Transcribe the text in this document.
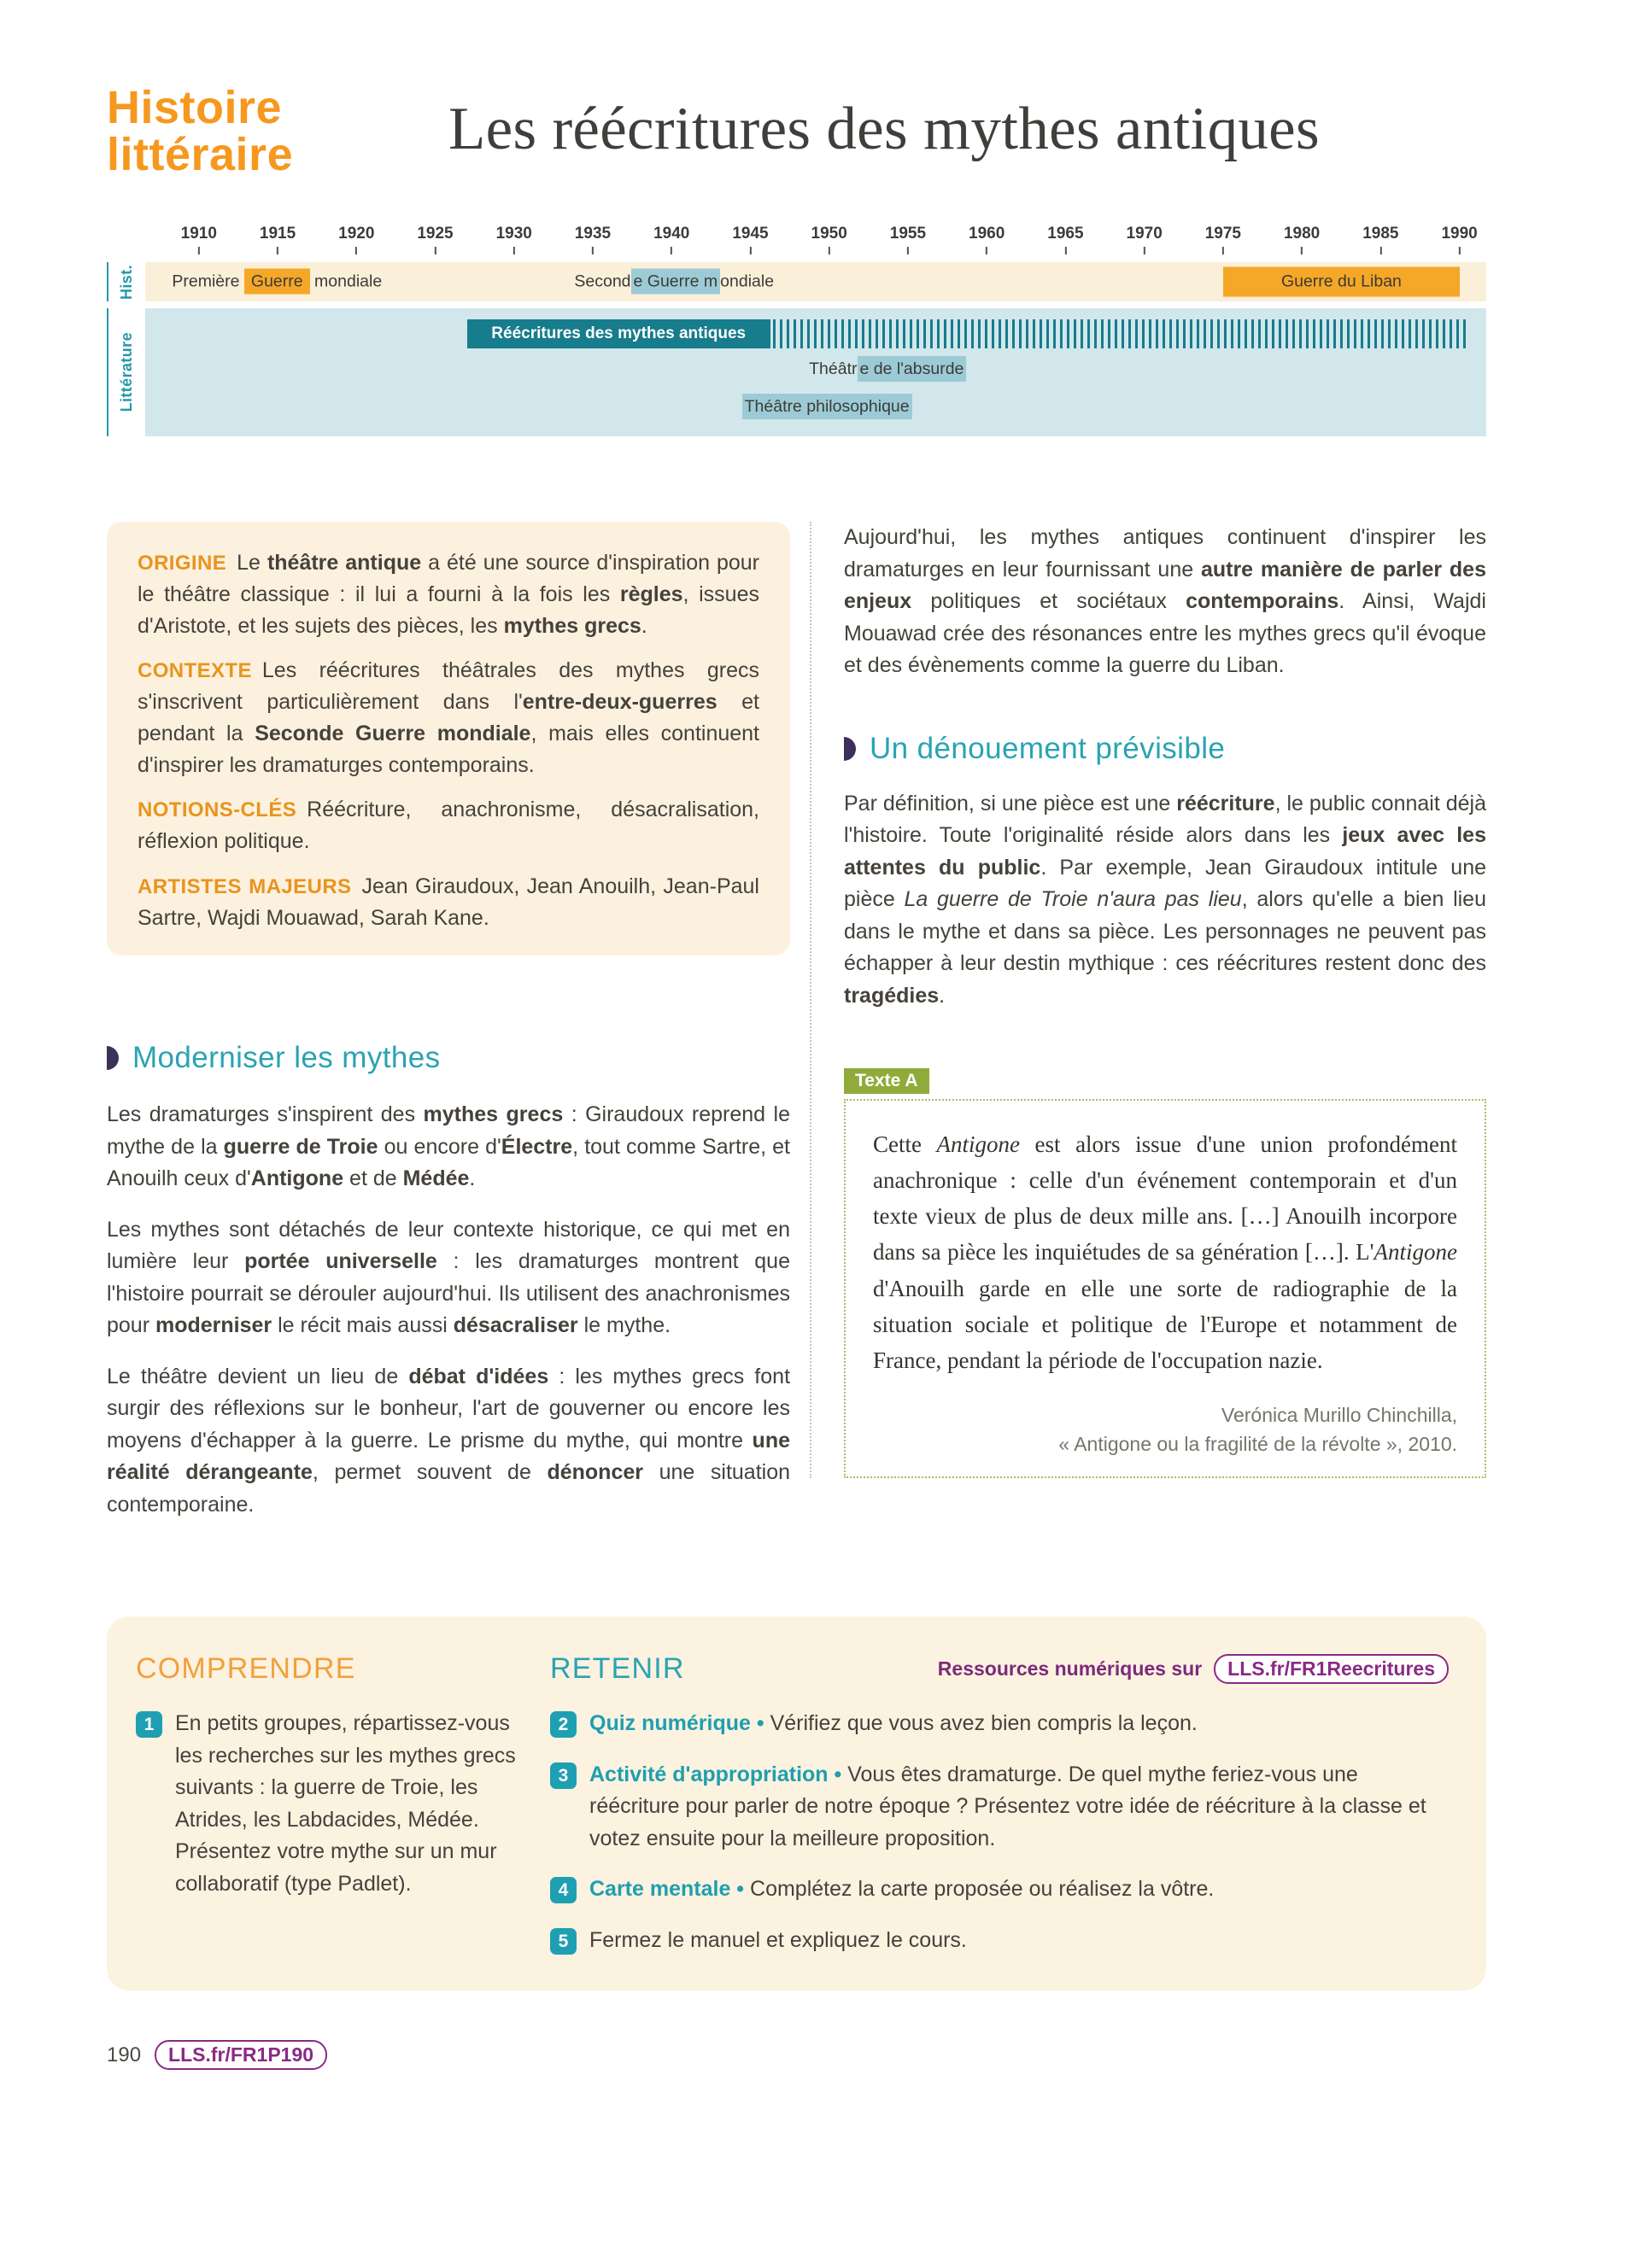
Histoire
littéraire	Les réécritures des mythes antiques
Hist.
Littérature
1910	1915	1920	1925	1930	1935	1940	1945	1950	1955	1960	1965	1970	1975	1980	1985	1990
Première Guerre mondiale	Second e Guerre m ondiale	Guerre du Liban
Réécritures des mythes antiques
Théâtr e de l'absurde
Théâtre philosophique

ORIGINE Le théâtre antique a été une source d'inspiration pour le théâtre classique : il lui a fourni à la fois les règles, issues d'Aristote, et les sujets des pièces, les mythes grecs.

CONTEXTE Les réécritures théâtrales des mythes grecs s'inscrivent particulièrement dans l'entre-deux-guerres et pendant la Seconde Guerre mondiale, mais elles continuent d'inspirer les dramaturges contemporains.

NOTIONS-CLÉS Réécriture, anachronisme, désacralisation, réflexion politique.

ARTISTES MAJEURS Jean Giraudoux, Jean Anouilh, Jean-Paul Sartre, Wajdi Mouawad, Sarah Kane.

Moderniser les mythes

Les dramaturges s'inspirent des mythes grecs : Giraudoux reprend le mythe de la guerre de Troie ou encore d'Électre, tout comme Sartre, et Anouilh ceux d'Antigone et de Médée.

Les mythes sont détachés de leur contexte historique, ce qui met en lumière leur portée universelle : les dramaturges montrent que l'histoire pourrait se dérouler aujourd'hui. Ils utilisent des anachronismes pour moderniser le récit mais aussi désacraliser le mythe.

Le théâtre devient un lieu de débat d'idées : les mythes grecs font surgir des réflexions sur le bonheur, l'art de gouverner ou encore les moyens d'échapper à la guerre. Le prisme du mythe, qui montre une réalité dérangeante, permet souvent de dénoncer une situation contemporaine.

Aujourd'hui, les mythes antiques continuent d'inspirer les dramaturges en leur fournissant une autre manière de parler des enjeux politiques et sociétaux contemporains. Ainsi, Wajdi Mouawad crée des résonances entre les mythes grecs qu'il évoque et des évènements comme la guerre du Liban.

Un dénouement prévisible

Par définition, si une pièce est une réécriture, le public connait déjà l'histoire. Toute l'originalité réside alors dans les jeux avec les attentes du public. Par exemple, Jean Giraudoux intitule une pièce La guerre de Troie n'aura pas lieu, alors qu'elle a bien lieu dans le mythe et dans sa pièce. Les personnages ne peuvent pas échapper à leur destin mythique : ces réécritures restent donc des tragédies.

Texte A
Cette Antigone est alors issue d'une union profondément anachronique : celle d'un événement contemporain et d'un texte vieux de plus de deux mille ans. […] Anouilh incorpore dans sa pièce les inquiétudes de sa génération […]. L'Antigone d'Anouilh garde en elle une sorte de radiographie de la situation sociale et politique de l'Europe et notamment de France, pendant la période de l'occupation nazie.
Verónica Murillo Chinchilla,
« Antigone ou la fragilité de la révolte », 2010.
COMPRENDRE
1 En petits groupes, répartissez-vous les recherches sur les mythes grecs suivants : la guerre de Troie, les Atrides, les Labdacides, Médée. Présentez votre mythe sur un mur collaboratif (type Padlet).
RETENIR	Ressources numériques sur	LLS.fr/FR1Reecritures
2 Quiz numérique • Vérifiez que vous avez bien compris la leçon.
3 Activité d'appropriation • Vous êtes dramaturge. De quel mythe feriez-vous une réécriture pour parler de notre époque ? Présentez votre idée de réécriture à la classe et votez ensuite pour la meilleure proposition.
4 Carte mentale • Complétez la carte proposée ou réalisez la vôtre.
5 Fermez le manuel et expliquez le cours.
190	LLS.fr/FR1P190
